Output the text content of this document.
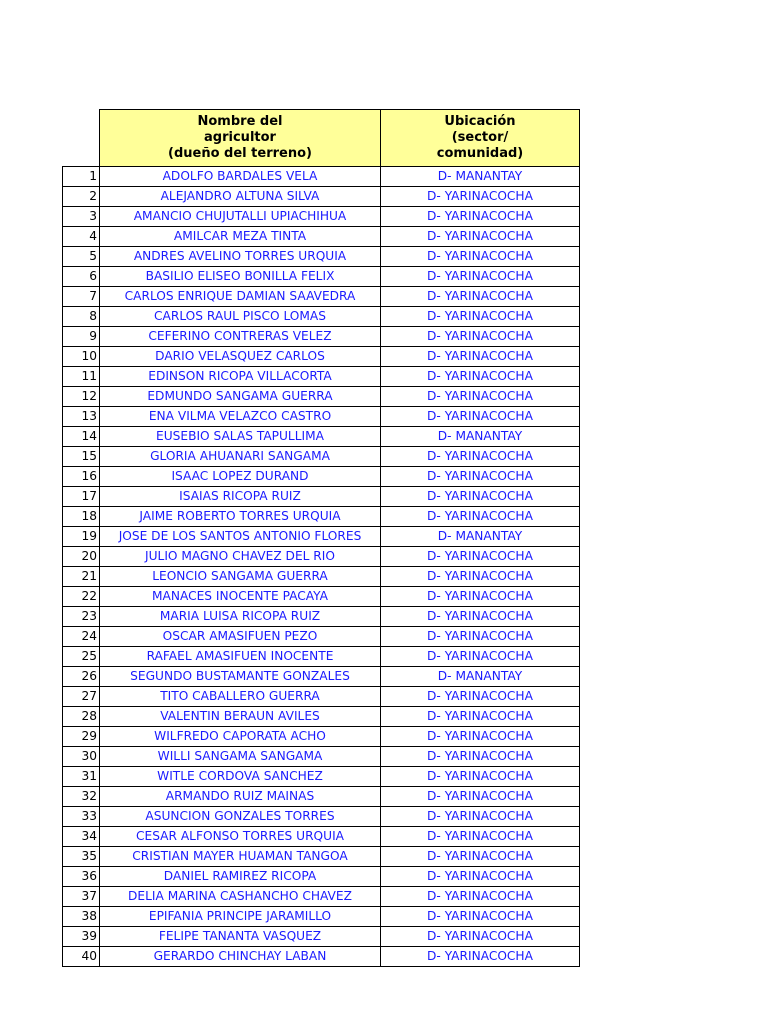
	Nombre del
agricultor
(dueño del terreno)	Ubicación
(sector/
comunidad)

1	ADOLFO BARDALES VELA	D- MANANTAY
2	ALEJANDRO ALTUNA SILVA	D- YARINACOCHA
3	AMANCIO CHUJUTALLI UPIACHIHUA	D- YARINACOCHA
4	AMILCAR MEZA TINTA	D- YARINACOCHA
5	ANDRES AVELINO TORRES URQUIA	D- YARINACOCHA
6	BASILIO ELISEO BONILLA FELIX	D- YARINACOCHA
7	CARLOS ENRIQUE DAMIAN SAAVEDRA	D- YARINACOCHA
8	CARLOS RAUL PISCO LOMAS	D- YARINACOCHA
9	CEFERINO CONTRERAS VELEZ	D- YARINACOCHA
10	DARIO VELASQUEZ CARLOS	D- YARINACOCHA
11	EDINSON RICOPA VILLACORTA	D- YARINACOCHA
12	EDMUNDO SANGAMA GUERRA	D- YARINACOCHA
13	ENA VILMA VELAZCO CASTRO	D- YARINACOCHA
14	EUSEBIO SALAS TAPULLIMA	D- MANANTAY
15	GLORIA AHUANARI SANGAMA	D- YARINACOCHA
16	ISAAC LOPEZ DURAND	D- YARINACOCHA
17	ISAIAS RICOPA RUIZ	D- YARINACOCHA
18	JAIME ROBERTO TORRES URQUIA	D- YARINACOCHA
19	JOSE DE LOS SANTOS ANTONIO FLORES	D- MANANTAY
20	JULIO MAGNO CHAVEZ DEL RIO	D- YARINACOCHA
21	LEONCIO SANGAMA GUERRA	D- YARINACOCHA
22	MANACES INOCENTE PACAYA	D- YARINACOCHA
23	MARIA LUISA RICOPA RUIZ	D- YARINACOCHA
24	OSCAR AMASIFUEN PEZO	D- YARINACOCHA
25	RAFAEL AMASIFUEN INOCENTE	D- YARINACOCHA
26	SEGUNDO BUSTAMANTE GONZALES	D- MANANTAY
27	TITO CABALLERO GUERRA	D- YARINACOCHA
28	VALENTIN BERAUN AVILES	D- YARINACOCHA
29	WILFREDO CAPORATA ACHO	D- YARINACOCHA
30	WILLI SANGAMA SANGAMA	D- YARINACOCHA
31	WITLE CORDOVA SANCHEZ	D- YARINACOCHA
32	ARMANDO RUIZ MAINAS	D- YARINACOCHA
33	ASUNCION GONZALES TORRES	D- YARINACOCHA
34	CESAR ALFONSO TORRES URQUIA	D- YARINACOCHA
35	CRISTIAN MAYER HUAMAN TANGOA	D- YARINACOCHA
36	DANIEL RAMIREZ RICOPA	D- YARINACOCHA
37	DELIA MARINA CASHANCHO CHAVEZ	D- YARINACOCHA
38	EPIFANIA PRINCIPE JARAMILLO	D- YARINACOCHA
39	FELIPE TANANTA VASQUEZ	D- YARINACOCHA
40	GERARDO CHINCHAY LABAN	D- YARINACOCHA
